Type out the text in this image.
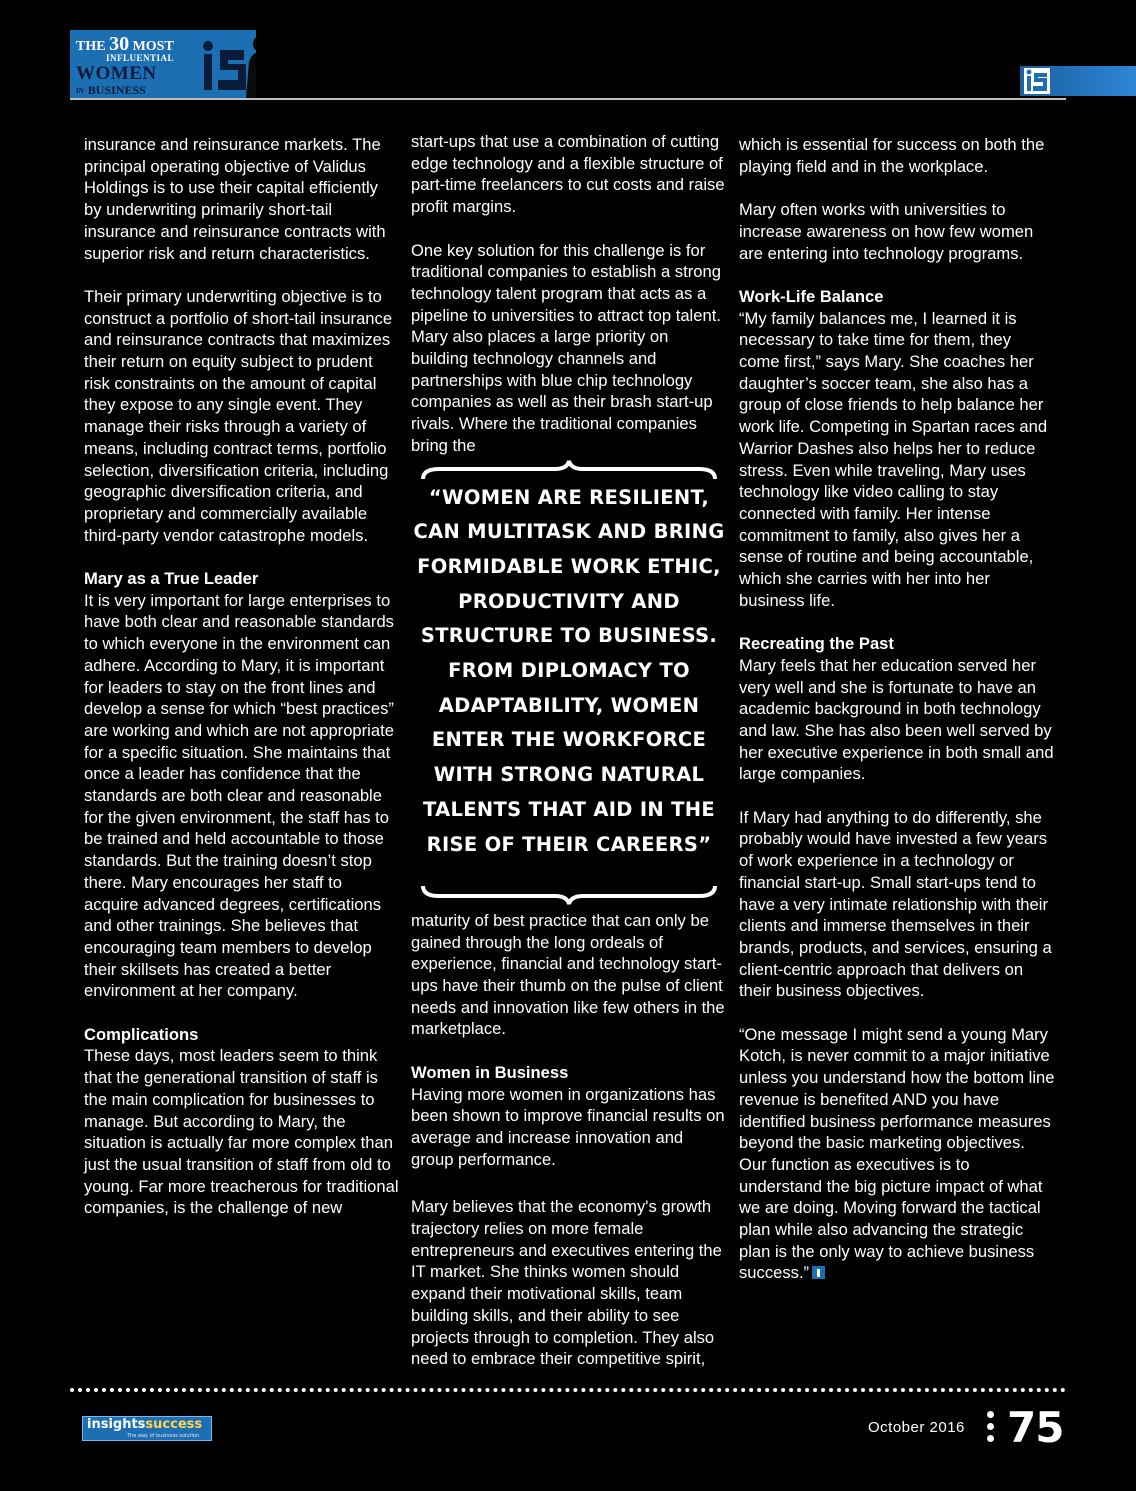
THE 30 MOST
INFLUENTIAL
WOMEN
IN BUSINESS

insurance and reinsurance markets. The principal operating objective of Validus Holdings is to use their capital efficiently by underwriting primarily short-tail insurance and reinsurance contracts with superior risk and return characteristics.

Their primary underwriting objective is to construct a portfolio of short-tail insurance and reinsurance contracts that maximizes their return on equity subject to prudent risk constraints on the amount of capital they expose to any single event. They manage their risks through a variety of means, including contract terms, portfolio selection, diversification criteria, including geographic diversification criteria, and proprietary and commercially available third-party vendor catastrophe models.

Mary as a True Leader

It is very important for large enterprises to have both clear and reasonable standards to which everyone in the environment can adhere. According to Mary, it is important for leaders to stay on the front lines and develop a sense for which “best practices” are working and which are not appropriate for a specific situation. She maintains that once a leader has confidence that the standards are both clear and reasonable for the given environment, the staff has to be trained and held accountable to those standards. But the training doesn’t stop there. Mary encourages her staff to acquire advanced degrees, certifications and other trainings. She believes that encouraging team members to develop their skillsets has created a better environment at her company.

Complications

These days, most leaders seem to think that the generational transition of staff is the main complication for businesses to manage. But according to Mary, the situation is actually far more complex than just the usual transition of staff from old to young. Far more treacherous for traditional companies, is the challenge of new

start-ups that use a combination of cutting edge technology and a flexible structure of part-time freelancers to cut costs and raise profit margins.

One key solution for this challenge is for traditional companies to establish a strong technology talent program that acts as a pipeline to universities to attract top talent. Mary also places a large priority on building technology channels and partnerships with blue chip technology companies as well as their brash start-up rivals. Where the traditional companies bring the

“WOMEN ARE RESILIENT, CAN MULTITASK AND BRING FORMIDABLE WORK ETHIC, PRODUCTIVITY AND STRUCTURE TO BUSINESS. FROM DIPLOMACY TO ADAPTABILITY, WOMEN ENTER THE WORKFORCE WITH STRONG NATURAL TALENTS THAT AID IN THE RISE OF THEIR CAREERS”

maturity of best practice that can only be gained through the long ordeals of experience, financial and technology start-ups have their thumb on the pulse of client needs and innovation like few others in the marketplace.

Women in Business

Having more women in organizations has been shown to improve financial results on average and increase innovation and group performance.

Mary believes that the economy's growth trajectory relies on more female entrepreneurs and executives entering the IT market. She thinks women should expand their motivational skills, team building skills, and their ability to see projects through to completion. They also need to embrace their competitive spirit,

which is essential for success on both the playing field and in the workplace.

Mary often works with universities to increase awareness on how few women are entering into technology programs.

Work-Life Balance

“My family balances me, I learned it is necessary to take time for them, they come first,” says Mary. She coaches her daughter’s soccer team, she also has a group of close friends to help balance her work life. Competing in Spartan races and Warrior Dashes also helps her to reduce stress. Even while traveling, Mary uses technology like video calling to stay connected with family. Her intense commitment to family, also gives her a sense of routine and being accountable, which she carries with her into her business life.

Recreating the Past

Mary feels that her education served her very well and she is fortunate to have an academic background in both technology and law. She has also been well served by her executive experience in both small and large companies.

If Mary had anything to do differently, she probably would have invested a few years of work experience in a technology or financial start-up. Small start-ups tend to have a very intimate relationship with their clients and immerse themselves in their brands, products, and services, ensuring a client-centric approach that delivers on their business objectives.

“One message I might send a young Mary Kotch, is never commit to a major initiative unless you understand how the bottom line revenue is benefited AND you have identified business performance measures beyond the basic marketing objectives. Our function as executives is to understand the big picture impact of what we are doing. Moving forward the tactical plan while also advancing the strategic plan is the only way to achieve business success.”

insightssuccess
The way of business solution	October 2016 75
